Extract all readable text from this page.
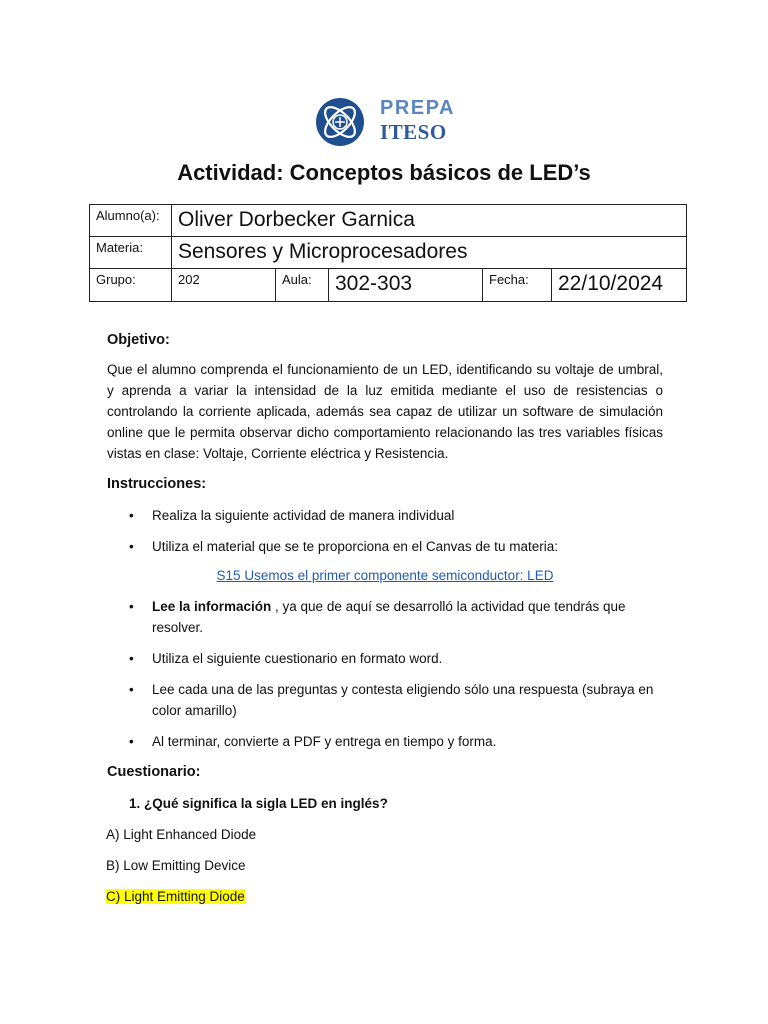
PREPA
ITESO
Actividad: Conceptos básicos de LED’s
Alumno(a):	Oliver Dorbecker Garnica				
Materia:	Sensores y Microprocesadores				
Grupo:	202	Aula:	302-303	Fecha:	22/10/2024

Objetivo:

Que el alumno comprenda el funcionamiento de un LED, identificando su voltaje de umbral, y aprenda a variar la intensidad de la luz emitida mediante el uso de resistencias o controlando la corriente aplicada, además sea capaz de utilizar un software de simulación online que le permita observar dicho comportamiento relacionando las tres variables físicas vistas en clase: Voltaje, Corriente eléctrica y Resistencia.

Instrucciones:

• Realiza la siguiente actividad de manera individual
• Utiliza el material que se te proporciona en el Canvas de tu materia:
S15 Usemos el primer componente semiconductor: LED
• Lee la información , ya que de aquí se desarrolló la actividad que tendrás que resolver.
• Utiliza el siguiente cuestionario en formato word.
• Lee cada una de las preguntas y contesta eligiendo sólo una respuesta (subraya en color amarillo)
• Al terminar, convierte a PDF y entrega en tiempo y forma.

Cuestionario:

1. ¿Qué significa la sigla LED en inglés?

A) Light Enhanced Diode

B) Low Emitting Device

C) Light Emitting Diode
